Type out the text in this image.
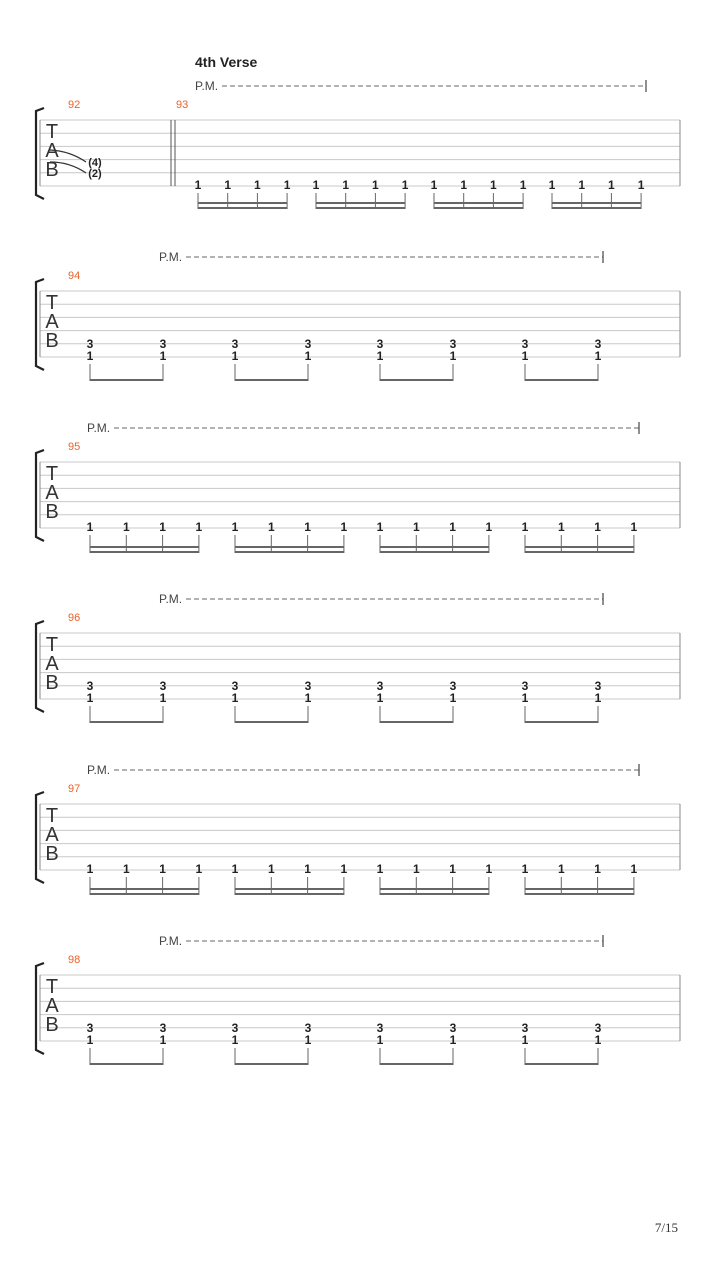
4th Verse
T
A
B
P.M.
92	93
(4)
(2)
1 1 1 1 1 1 1 1 1 1 1 1 1 1 1 1
T
A
B
P.M.
94
3
1
3
1
3
1
3
1
3
1
3
1
3
1
3
1
T
A
B
P.M.
95
1 1 1 1 1 1 1 1 1 1 1 1 1 1 1 1
T
A
B
P.M.
96
3
1
3
1
3
1
3
1
3
1
3
1
3
1
3
1
T
A
B
P.M.
97
1 1 1 1 1 1 1 1 1 1 1 1 1 1 1 1
T
A
B
P.M.
98
3
1
3
1
3
1
3
1
3
1
3
1
3
1
3
1
7/15
